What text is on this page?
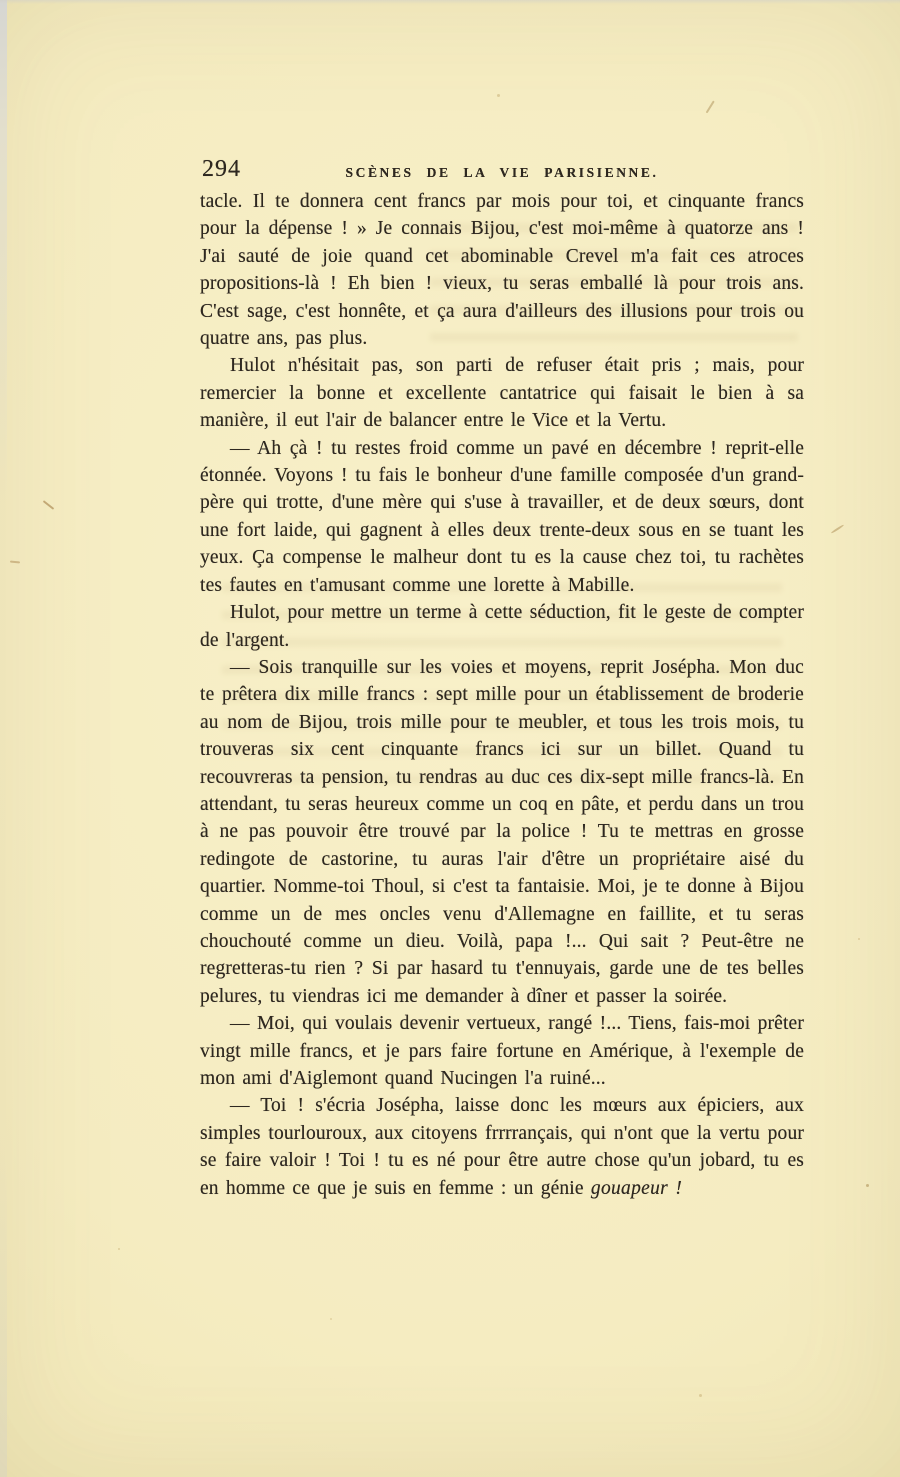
294	SCÈNES DE LA VIE PARISIENNE.

tacle. Il te donnera cent francs par mois pour toi, et cinquante francs pour la dépense ! » Je connais Bijou, c'est moi-même à quatorze ans ! J'ai sauté de joie quand cet abominable Crevel m'a fait ces atroces propositions-là ! Eh bien ! vieux, tu seras emballé là pour trois ans. C'est sage, c'est honnête, et ça aura d'ailleurs des illusions pour trois ou quatre ans, pas plus.

Hulot n'hésitait pas, son parti de refuser était pris ; mais, pour remercier la bonne et excellente cantatrice qui faisait le bien à sa manière, il eut l'air de balancer entre le Vice et la Vertu.

— Ah çà ! tu restes froid comme un pavé en décembre ! reprit-elle étonnée. Voyons ! tu fais le bonheur d'une famille composée d'un grand-père qui trotte, d'une mère qui s'use à travailler, et de deux sœurs, dont une fort laide, qui gagnent à elles deux trente-deux sous en se tuant les yeux. Ça compense le malheur dont tu es la cause chez toi, tu rachètes tes fautes en t'amusant comme une lorette à Mabille.

Hulot, pour mettre un terme à cette séduction, fit le geste de compter de l'argent.

— Sois tranquille sur les voies et moyens, reprit Josépha. Mon duc te prêtera dix mille francs : sept mille pour un établissement de broderie au nom de Bijou, trois mille pour te meubler, et tous les trois mois, tu trouveras six cent cinquante francs ici sur un billet. Quand tu recouvreras ta pension, tu rendras au duc ces dix-sept mille francs-là. En attendant, tu seras heureux comme un coq en pâte, et perdu dans un trou à ne pas pouvoir être trouvé par la police ! Tu te mettras en grosse redingote de castorine, tu auras l'air d'être un propriétaire aisé du quartier. Nomme-toi Thoul, si c'est ta fantaisie. Moi, je te donne à Bijou comme un de mes oncles venu d'Allemagne en faillite, et tu seras chouchouté comme un dieu. Voilà, papa !... Qui sait ? Peut-être ne regretteras-tu rien ? Si par hasard tu t'ennuyais, garde une de tes belles pelures, tu viendras ici me demander à dîner et passer la soirée.

— Moi, qui voulais devenir vertueux, rangé !... Tiens, fais-moi prêter vingt mille francs, et je pars faire fortune en Amérique, à l'exemple de mon ami d'Aiglemont quand Nucingen l'a ruiné...

— Toi ! s'écria Josépha, laisse donc les mœurs aux épiciers, aux simples tourlouroux, aux citoyens frrrrançais, qui n'ont que la vertu pour se faire valoir ! Toi ! tu es né pour être autre chose qu'un jobard, tu es en homme ce que je suis en femme : un génie gouapeur !
